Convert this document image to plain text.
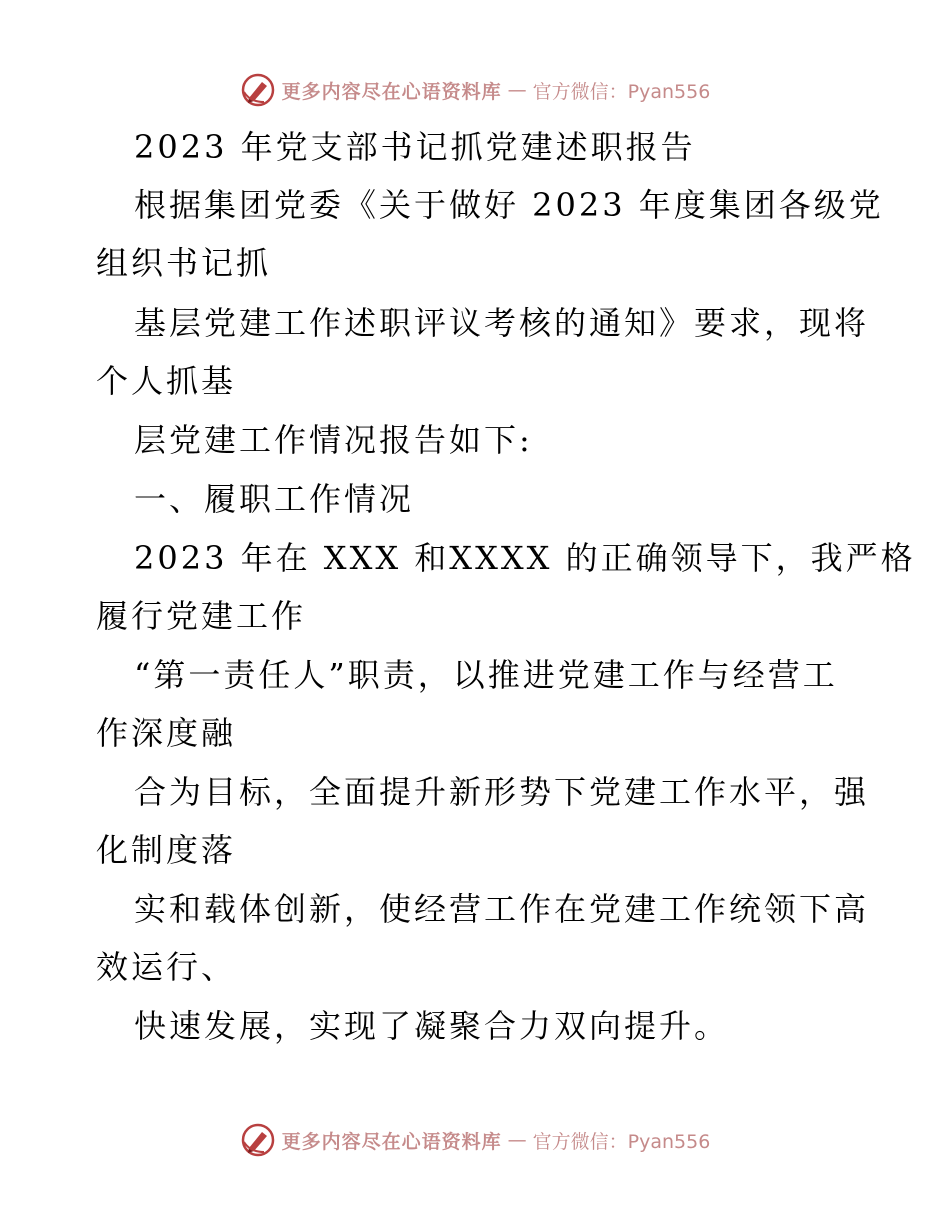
更多内容尽在心语资料库 — 官方微信：Pyan556
2023 年党支部书记抓党建述职报告
根据集团党委《关于做好 2023 年度集团各级党
组织书记抓
基层党建工作述职评议考核的通知》要求，现将
个人抓基
层党建工作情况报告如下:
一、履职工作情况
2023 年在 XXX 和XXXX 的正确领导下，我严格
履行党建工作
“第一责任人”职责，以推进党建工作与经营工
作深度融
合为目标，全面提升新形势下党建工作水平，强
化制度落
实和载体创新，使经营工作在党建工作统领下高
效运行、
快速发展，实现了凝聚合力双向提升。
更多内容尽在心语资料库 — 官方微信：Pyan556
